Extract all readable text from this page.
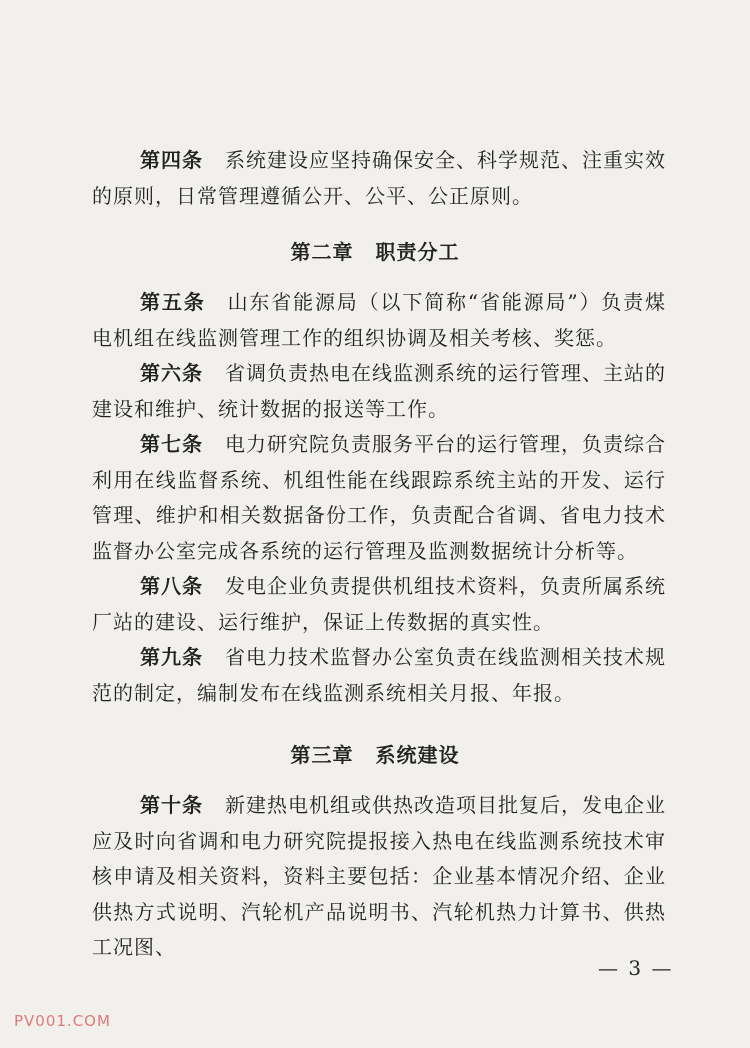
第四条 系统建设应坚持确保安全、科学规范、注重实效的原则，日常管理遵循公开、公平、公正原则。

第二章 职责分工

第五条 山东省能源局（以下简称“省能源局”）负责煤电机组在线监测管理工作的组织协调及相关考核、奖惩。

第六条 省调负责热电在线监测系统的运行管理、主站的建设和维护、统计数据的报送等工作。

第七条 电力研究院负责服务平台的运行管理，负责综合利用在线监督系统、机组性能在线跟踪系统主站的开发、运行管理、维护和相关数据备份工作，负责配合省调、省电力技术监督办公室完成各系统的运行管理及监测数据统计分析等。

第八条 发电企业负责提供机组技术资料，负责所属系统厂站的建设、运行维护，保证上传数据的真实性。

第九条 省电力技术监督办公室负责在线监测相关技术规范的制定，编制发布在线监测系统相关月报、年报。

第三章 系统建设

第十条 新建热电机组或供热改造项目批复后，发电企业应及时向省调和电力研究院提报接入热电在线监测系统技术审核申请及相关资料，资料主要包括：企业基本情况介绍、企业供热方式说明、汽轮机产品说明书、汽轮机热力计算书、供热工况图、

— 3 —
PV001.COM
